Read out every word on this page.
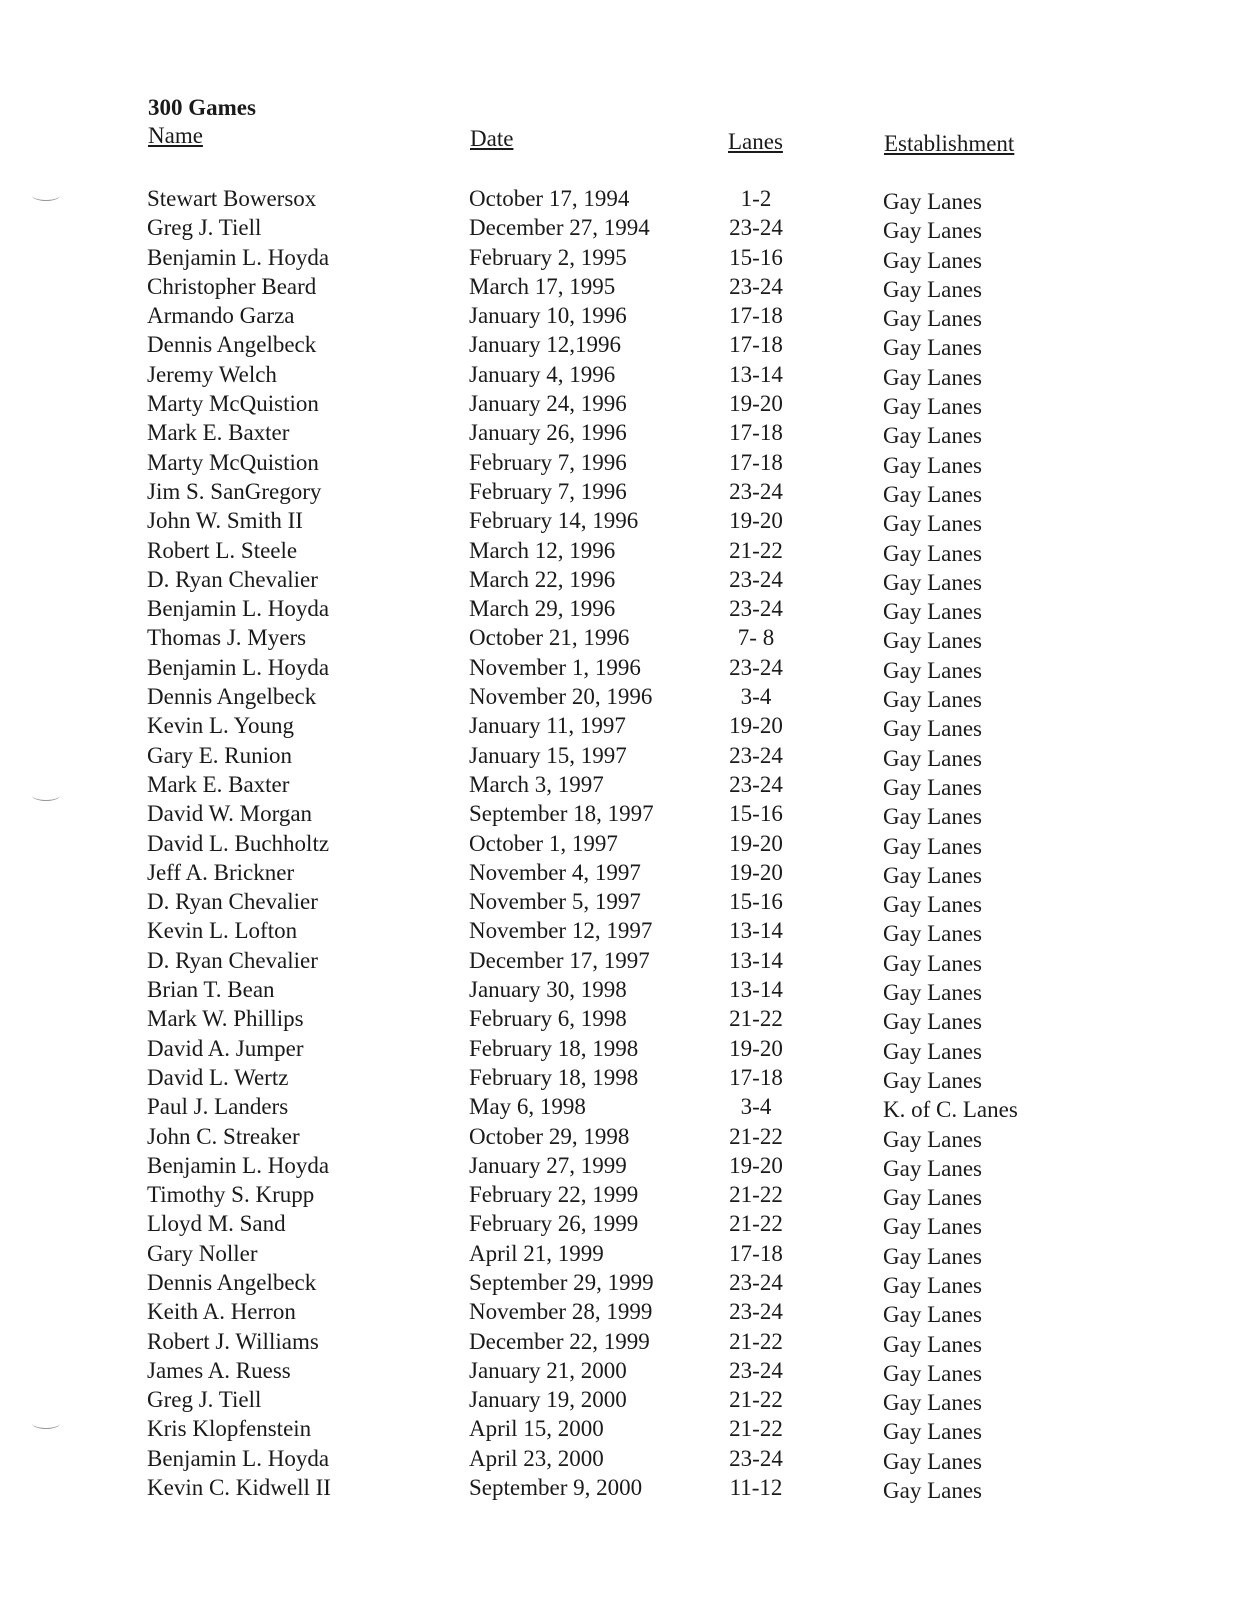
300 Games
Name	Date	Lanes	Establishment
Stewart Bowersox	October 17, 1994	1-2	Gay Lanes
Greg J. Tiell	December 27, 1994	23-24	Gay Lanes
Benjamin L. Hoyda	February 2, 1995	15-16	Gay Lanes
Christopher Beard	March 17, 1995	23-24	Gay Lanes
Armando Garza	January 10, 1996	17-18	Gay Lanes
Dennis Angelbeck	January 12,1996	17-18	Gay Lanes
Jeremy Welch	January 4, 1996	13-14	Gay Lanes
Marty McQuistion	January 24, 1996	19-20	Gay Lanes
Mark E. Baxter	January 26, 1996	17-18	Gay Lanes
Marty McQuistion	February 7, 1996	17-18	Gay Lanes
Jim S. SanGregory	February 7, 1996	23-24	Gay Lanes
John W. Smith II	February 14, 1996	19-20	Gay Lanes
Robert L. Steele	March 12, 1996	21-22	Gay Lanes
D. Ryan Chevalier	March 22, 1996	23-24	Gay Lanes
Benjamin L. Hoyda	March 29, 1996	23-24	Gay Lanes
Thomas J. Myers	October 21, 1996	7- 8	Gay Lanes
Benjamin L. Hoyda	November 1, 1996	23-24	Gay Lanes
Dennis Angelbeck	November 20, 1996	3-4	Gay Lanes
Kevin L. Young	January 11, 1997	19-20	Gay Lanes
Gary E. Runion	January 15, 1997	23-24	Gay Lanes
Mark E. Baxter	March 3, 1997	23-24	Gay Lanes
David W. Morgan	September 18, 1997	15-16	Gay Lanes
David L. Buchholtz	October 1, 1997	19-20	Gay Lanes
Jeff A. Brickner	November 4, 1997	19-20	Gay Lanes
D. Ryan Chevalier	November 5, 1997	15-16	Gay Lanes
Kevin L. Lofton	November 12, 1997	13-14	Gay Lanes
D. Ryan Chevalier	December 17, 1997	13-14	Gay Lanes
Brian T. Bean	January 30, 1998	13-14	Gay Lanes
Mark W. Phillips	February 6, 1998	21-22	Gay Lanes
David A. Jumper	February 18, 1998	19-20	Gay Lanes
David L. Wertz	February 18, 1998	17-18	Gay Lanes
Paul J. Landers	May 6, 1998	3-4	K. of C. Lanes
John C. Streaker	October 29, 1998	21-22	Gay Lanes
Benjamin L. Hoyda	January 27, 1999	19-20	Gay Lanes
Timothy S. Krupp	February 22, 1999	21-22	Gay Lanes
Lloyd M. Sand	February 26, 1999	21-22	Gay Lanes
Gary Noller	April 21, 1999	17-18	Gay Lanes
Dennis Angelbeck	September 29, 1999	23-24	Gay Lanes
Keith A. Herron	November 28, 1999	23-24	Gay Lanes
Robert J. Williams	December 22, 1999	21-22	Gay Lanes
James A. Ruess	January 21, 2000	23-24	Gay Lanes
Greg J. Tiell	January 19, 2000	21-22	Gay Lanes
Kris Klopfenstein	April 15, 2000	21-22	Gay Lanes
Benjamin L. Hoyda	April 23, 2000	23-24	Gay Lanes
Kevin C. Kidwell II	September 9, 2000	11-12	Gay Lanes
